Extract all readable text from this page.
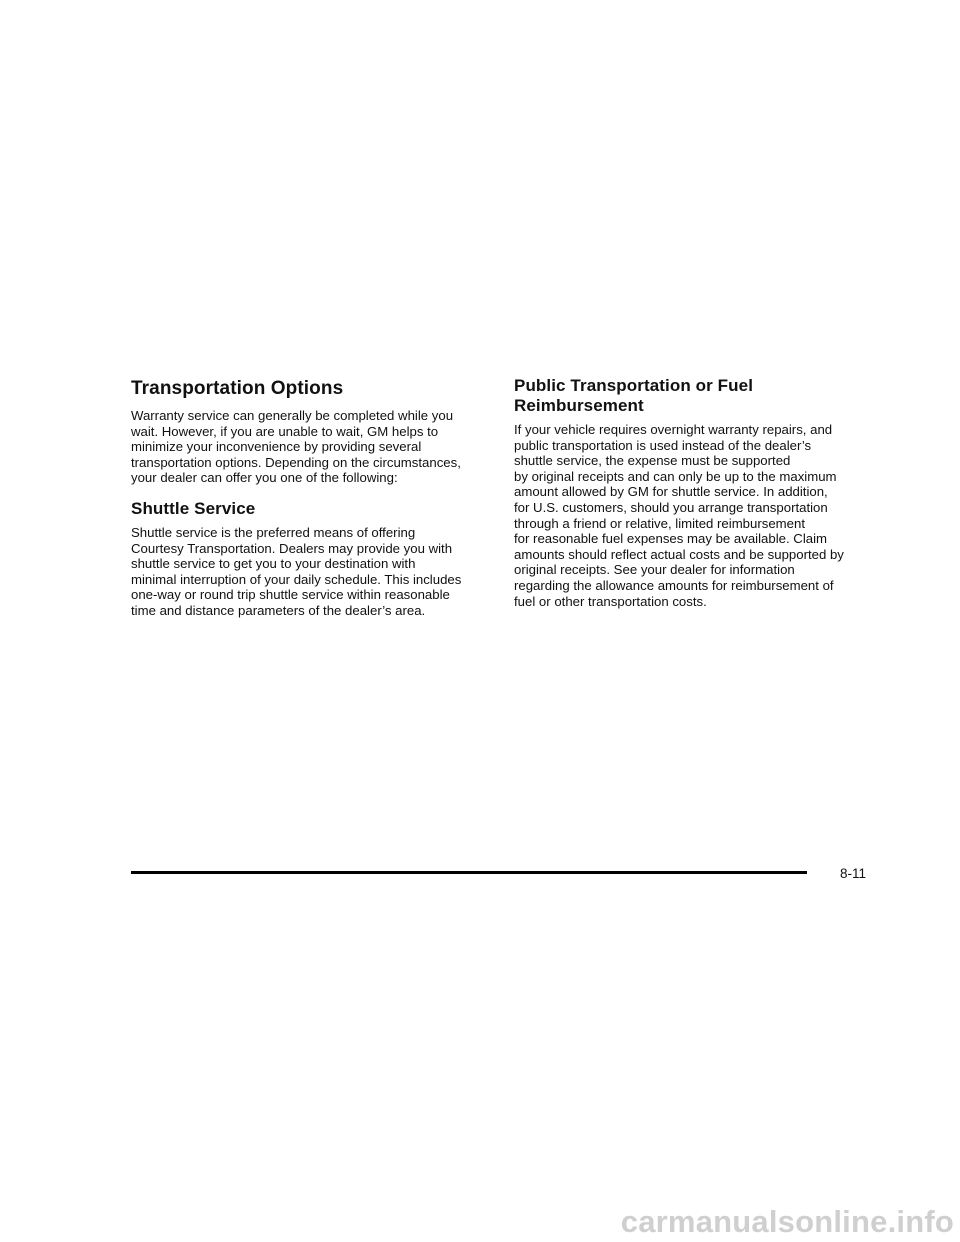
Transportation Options

Warranty service can generally be completed while you
wait. However, if you are unable to wait, GM helps to
minimize your inconvenience by providing several
transportation options. Depending on the circumstances,
your dealer can offer you one of the following:

Shuttle Service

Shuttle service is the preferred means of offering
Courtesy Transportation. Dealers may provide you with
shuttle service to get you to your destination with
minimal interruption of your daily schedule. This includes
one-way or round trip shuttle service within reasonable
time and distance parameters of the dealer’s area.

Public Transportation or Fuel
Reimbursement

If your vehicle requires overnight warranty repairs, and
public transportation is used instead of the dealer’s
shuttle service, the expense must be supported
by original receipts and can only be up to the maximum
amount allowed by GM for shuttle service. In addition,
for U.S. customers, should you arrange transportation
through a friend or relative, limited reimbursement
for reasonable fuel expenses may be available. Claim
amounts should reflect actual costs and be supported by
original receipts. See your dealer for information
regarding the allowance amounts for reimbursement of
fuel or other transportation costs.

8-11
carmanualsonline.info
